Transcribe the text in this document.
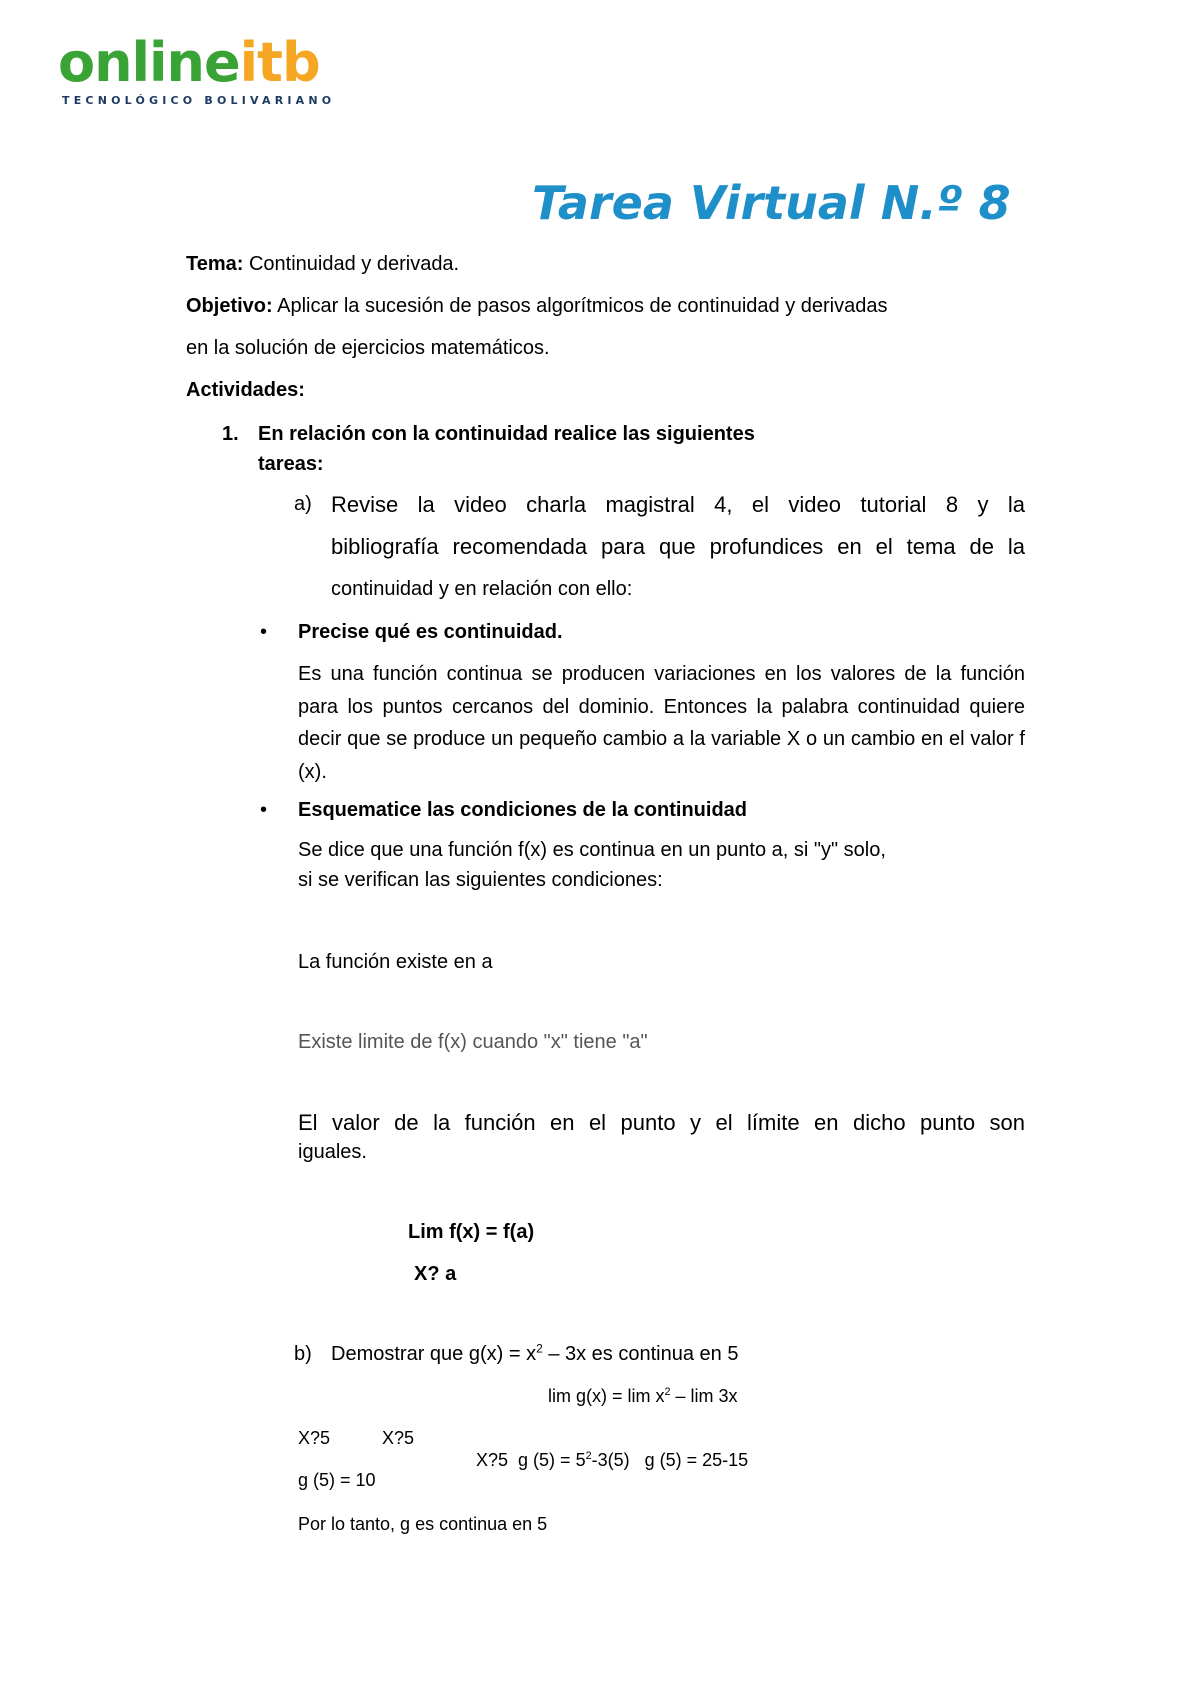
onlineitb
TECNOLÓGICO BOLIVARIANO
Tarea Virtual N.º 8
Tema: Continuidad y derivada.
Objetivo: Aplicar la sucesión de pasos algorítmicos de continuidad y derivadas
en la solución de ejercicios matemáticos.
Actividades:
1. En relación con la continuidad realice las siguientes
tareas:
a) Revise la video charla magistral 4, el video tutorial 8 y la
bibliografía recomendada para que profundices en el tema de la
continuidad y en relación con ello:
• Precise qué es continuidad.
Es una función continua se producen variaciones en los valores de la función para los puntos cercanos del dominio. Entonces la palabra continuidad quiere decir que se produce un pequeño cambio a la variable X o un cambio en el valor f (x).
• Esquematice las condiciones de la continuidad
Se dice que una función f(x) es continua en un punto a, si "y" solo,
si se verifican las siguientes condiciones:
La función existe en a
Existe limite de f(x) cuando "x" tiene "a"
El valor de la función en el punto y el límite en dicho punto son
iguales.
Lim f(x) = f(a)
X? a
b) Demostrar que $g(x) = x^2 - 3x$ es continua en 5
$\lim g(x) = \lim x^2 - \lim 3x$
X?5	X?5

X?5  g $(5) = 5^2-3(5)$   g (5) = 25-15

g (5) = 10
Por lo tanto, g es continua en 5
